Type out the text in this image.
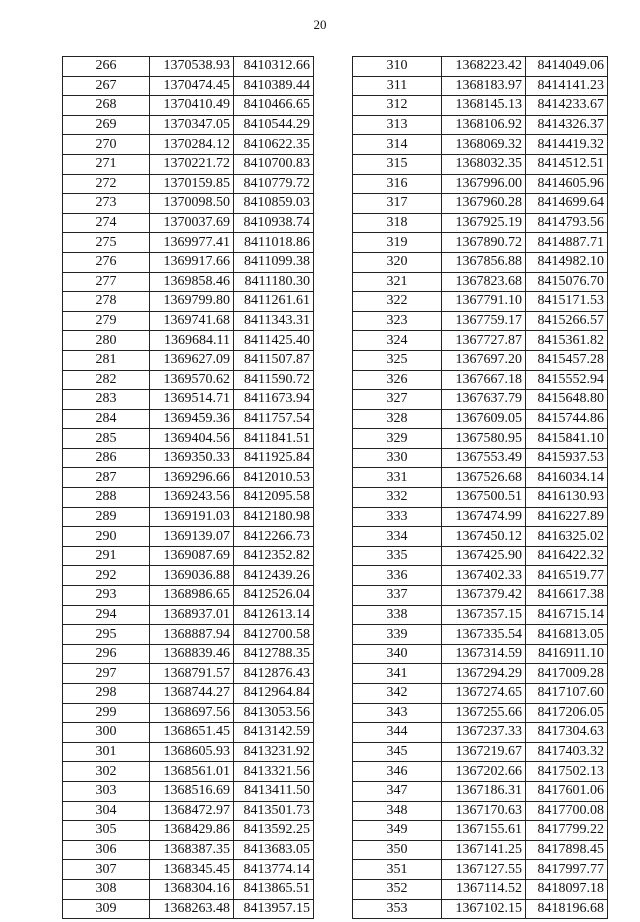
20
266	1370538.93	8410312.66
267	1370474.45	8410389.44
268	1370410.49	8410466.65
269	1370347.05	8410544.29
270	1370284.12	8410622.35
271	1370221.72	8410700.83
272	1370159.85	8410779.72
273	1370098.50	8410859.03
274	1370037.69	8410938.74
275	1369977.41	8411018.86
276	1369917.66	8411099.38
277	1369858.46	8411180.30
278	1369799.80	8411261.61
279	1369741.68	8411343.31
280	1369684.11	8411425.40
281	1369627.09	8411507.87
282	1369570.62	8411590.72
283	1369514.71	8411673.94
284	1369459.36	8411757.54
285	1369404.56	8411841.51
286	1369350.33	8411925.84
287	1369296.66	8412010.53
288	1369243.56	8412095.58
289	1369191.03	8412180.98
290	1369139.07	8412266.73
291	1369087.69	8412352.82
292	1369036.88	8412439.26
293	1368986.65	8412526.04
294	1368937.01	8412613.14
295	1368887.94	8412700.58
296	1368839.46	8412788.35
297	1368791.57	8412876.43
298	1368744.27	8412964.84
299	1368697.56	8413053.56
300	1368651.45	8413142.59
301	1368605.93	8413231.92
302	1368561.01	8413321.56
303	1368516.69	8413411.50
304	1368472.97	8413501.73
305	1368429.86	8413592.25
306	1368387.35	8413683.05
307	1368345.45	8413774.14
308	1368304.16	8413865.51
309	1368263.48	8413957.15
310	1368223.42	8414049.06
311	1368183.97	8414141.23
312	1368145.13	8414233.67
313	1368106.92	8414326.37
314	1368069.32	8414419.32
315	1368032.35	8414512.51
316	1367996.00	8414605.96
317	1367960.28	8414699.64
318	1367925.19	8414793.56
319	1367890.72	8414887.71
320	1367856.88	8414982.10
321	1367823.68	8415076.70
322	1367791.10	8415171.53
323	1367759.17	8415266.57
324	1367727.87	8415361.82
325	1367697.20	8415457.28
326	1367667.18	8415552.94
327	1367637.79	8415648.80
328	1367609.05	8415744.86
329	1367580.95	8415841.10
330	1367553.49	8415937.53
331	1367526.68	8416034.14
332	1367500.51	8416130.93
333	1367474.99	8416227.89
334	1367450.12	8416325.02
335	1367425.90	8416422.32
336	1367402.33	8416519.77
337	1367379.42	8416617.38
338	1367357.15	8416715.14
339	1367335.54	8416813.05
340	1367314.59	8416911.10
341	1367294.29	8417009.28
342	1367274.65	8417107.60
343	1367255.66	8417206.05
344	1367237.33	8417304.63
345	1367219.67	8417403.32
346	1367202.66	8417502.13
347	1367186.31	8417601.06
348	1367170.63	8417700.08
349	1367155.61	8417799.22
350	1367141.25	8417898.45
351	1367127.55	8417997.77
352	1367114.52	8418097.18
353	1367102.15	8418196.68
